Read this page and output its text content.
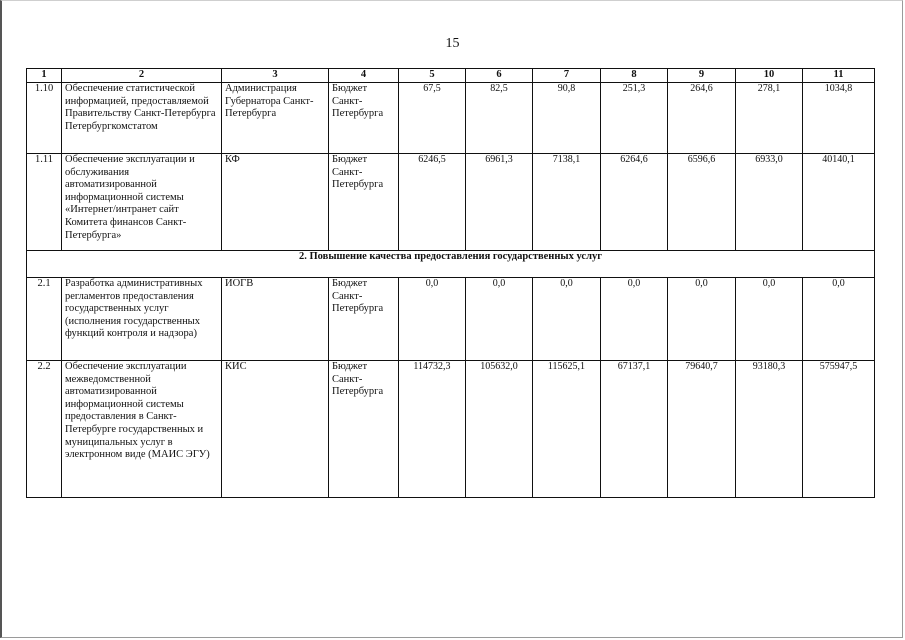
15
1	2	3	4	5	6	7	8	9	10	11
1.10	Обеспечение статистической информацией, предоставляемой Правительству Санкт-Петербурга Петербургкомстатом	Администрация Губернатора Санкт-Петербурга	Бюджет Санкт-Петербурга	67,5	82,5	90,8	251,3	264,6	278,1	1034,8
1.11	Обеспечение эксплуатации и обслуживания автоматизированной информационной системы «Интернет/интранет сайт Комитета финансов Санкт-Петербурга»	КФ	Бюджет Санкт-Петербурга	6246,5	6961,3	7138,1	6264,6	6596,6	6933,0	40140,1
2. Повышение качества предоставления государственных услуг										
2.1	Разработка административных регламентов предоставления государственных услуг (исполнения государственных функций контроля и надзора)	ИОГВ	Бюджет Санкт-Петербурга	0,0	0,0	0,0	0,0	0,0	0,0	0,0
2.2	Обеспечение эксплуатации межведомственной автоматизированной информационной системы предоставления в Санкт-Петербурге государственных и муниципальных услуг в электронном виде (МАИС ЭГУ)	КИС	Бюджет Санкт-Петербурга	114732,3	105632,0	115625,1	67137,1	79640,7	93180,3	575947,5
